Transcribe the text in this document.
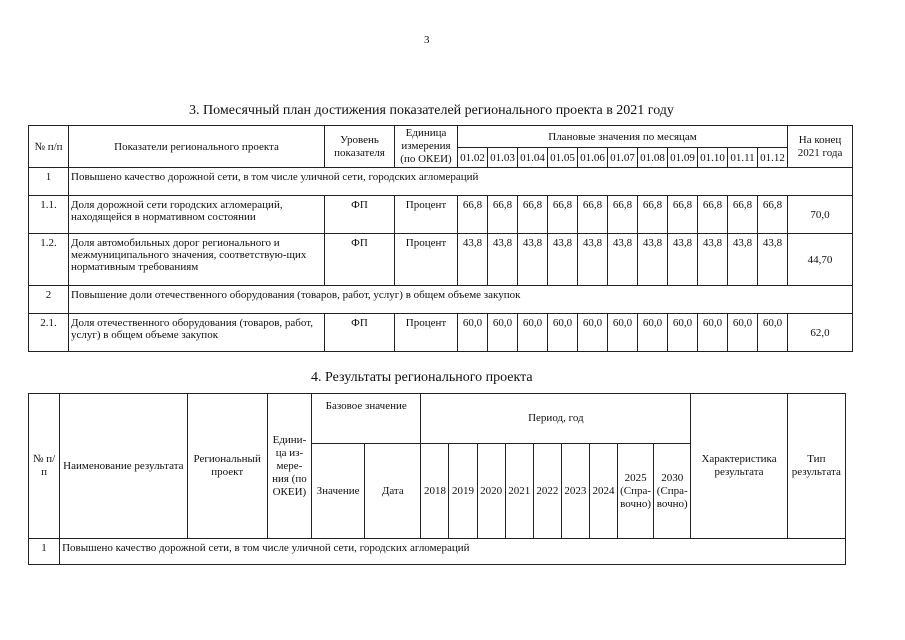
3
3. Помесячный план достижения показателей регионального проекта в 2021 году
№ п/п	Показатели регионального проекта	Уровень показателя	Единица измерения (по ОКЕИ)	Плановые значения по месяцам											На конец 2021 года
				01.02	01.03	01.04	01.05	01.06	01.07	01.08	01.09	01.10	01.11	01.12	
1	Повышено качество дорожной сети, в том числе уличной сети, городских агломераций														
1.1.	Доля дорожной сети городских агломераций, находящейся в нормативном состоянии	ФП	Процент	66,8	66,8	66,8	66,8	66,8	66,8	66,8	66,8	66,8	66,8	66,8	70,0
1.2.	Доля автомобильных дорог регионального и межмуниципального значения, соответствую-щих нормативным требованиям	ФП	Процент	43,8	43,8	43,8	43,8	43,8	43,8	43,8	43,8	43,8	43,8	43,8	44,70
2	Повышение доли отечественного оборудования (товаров, работ, услуг) в общем объеме закупок														
2.1.	Доля отечественного оборудования (товаров, работ, услуг) в общем объеме закупок	ФП	Процент	60,0	60,0	60,0	60,0	60,0	60,0	60,0	60,0	60,0	60,0	60,0	62,0
4. Результаты регионального проекта
№ п/п	Наименование результата	Региональный проект	Едини-ца из-мере-ния (по ОКЕИ)	Базовое значение		Период, год									Характеристика результата	Тип результата
				Значение	Дата	2018	2019	2020	2021	2022	2023	2024	2025 (Спра-вочно)	2030 (Спра-вочно)		
1	Повышено качество дорожной сети, в том числе уличной сети, городских агломераций															
